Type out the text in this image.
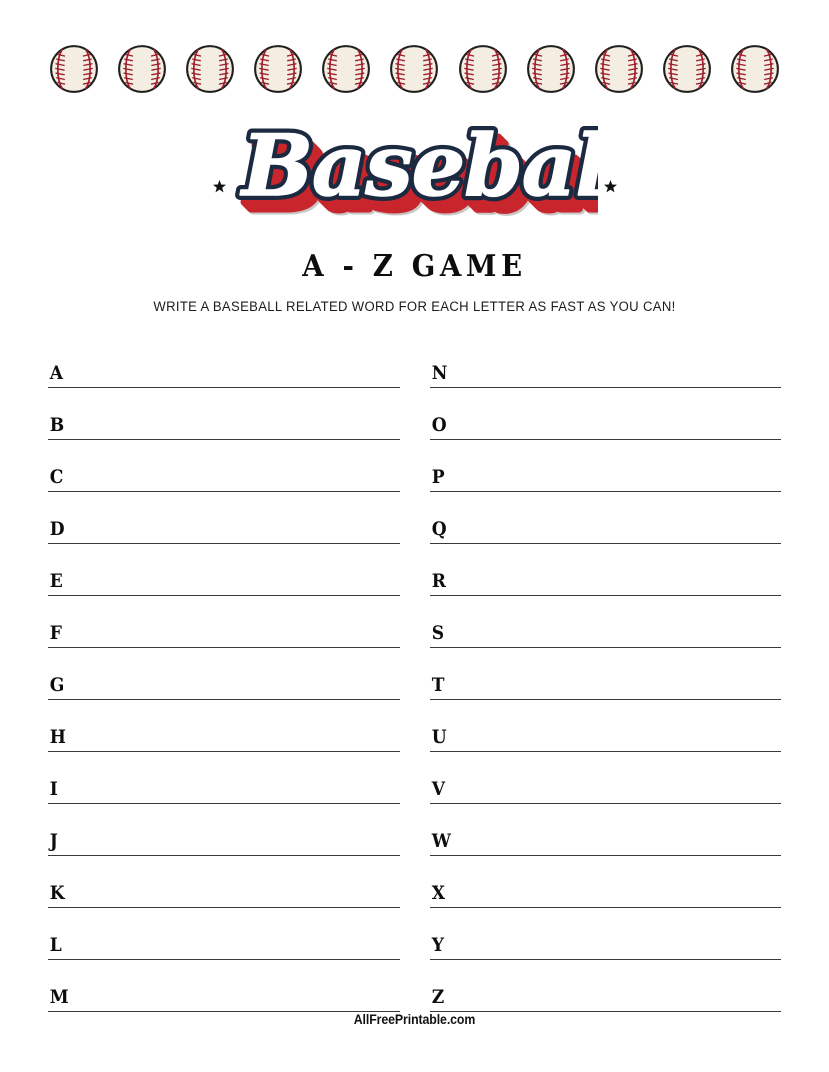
A - Z GAME
WRITE A BASEBALL RELATED WORD FOR EACH LETTER AS FAST AS YOU CAN!
A
B
C
D
E
F
G
H
I
J
K
L
M
N
O
P
Q
R
S
T
U
V
W
X
Y
Z
AllFreePrintable.com
